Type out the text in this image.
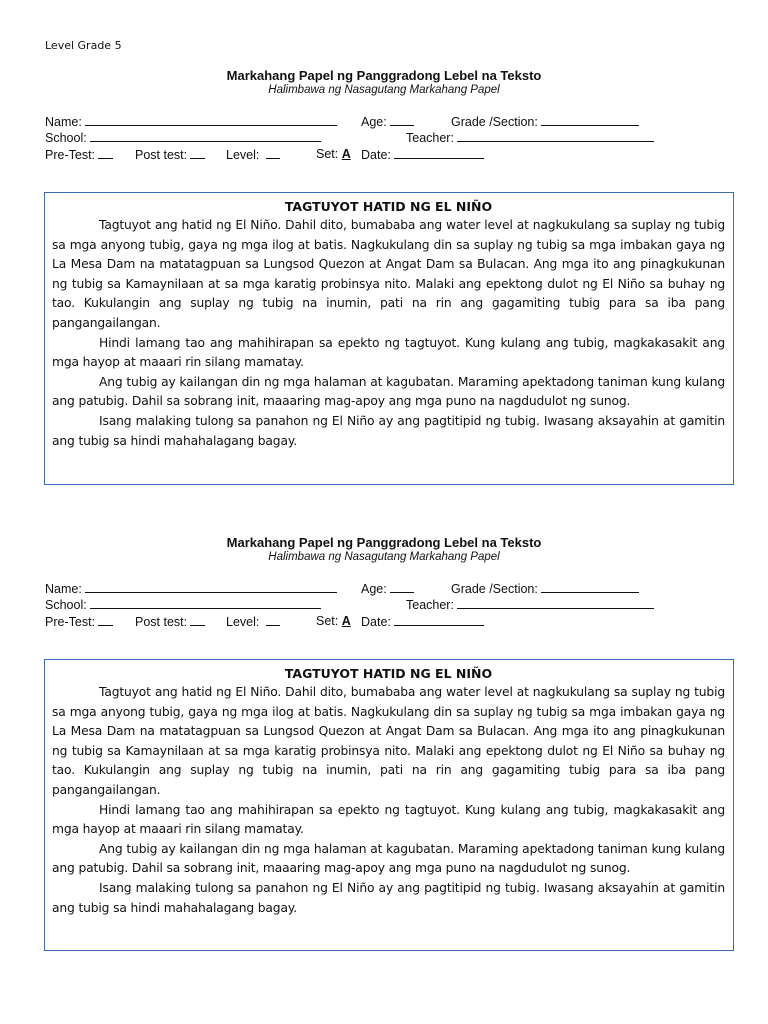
Level Grade 5
Markahang Papel ng Panggradong Lebel na Teksto
Halimbawa ng Nasagutang Markahang Papel
Name:	Age:	Grade /Section:
School:	Teacher:
Pre-Test:	Post test:	Level:	Set: A Date:
TAGTUYOT HATID NG EL NIÑO

Tagtuyot ang hatid ng El Niño. Dahil dito, bumababa ang water level at nagkukulang sa suplay ng tubig sa mga anyong tubig, gaya ng mga ilog at batis. Nagkukulang din sa suplay ng tubig sa mga imbakan gaya ng La Mesa Dam na matatagpuan sa Lungsod Quezon at Angat Dam sa Bulacan. Ang mga ito ang pinagkukunan ng tubig sa Kamaynilaan at sa mga karatig probinsya nito. Malaki ang epektong dulot ng El Niño sa buhay ng tao. Kukulangin ang suplay ng tubig na inumin, pati na rin ang gagamiting tubig para sa iba pang pangangailangan.

Hindi lamang tao ang mahihirapan sa epekto ng tagtuyot. Kung kulang ang tubig, magkakasakit ang mga hayop at maaari rin silang mamatay.

Ang tubig ay kailangan din ng mga halaman at kagubatan. Maraming apektadong taniman kung kulang ang patubig. Dahil sa sobrang init, maaaring mag-apoy ang mga puno na nagdudulot ng sunog.

Isang malaking tulong sa panahon ng El Niño ay ang pagtitipid ng tubig. Iwasang aksayahin at gamitin ang tubig sa hindi mahahalagang bagay.

Markahang Papel ng Panggradong Lebel na Teksto
Halimbawa ng Nasagutang Markahang Papel
Name:	Age:	Grade /Section:
School:	Teacher:
Pre-Test:	Post test:	Level:	Set: A Date:
TAGTUYOT HATID NG EL NIÑO

Tagtuyot ang hatid ng El Niño. Dahil dito, bumababa ang water level at nagkukulang sa suplay ng tubig sa mga anyong tubig, gaya ng mga ilog at batis. Nagkukulang din sa suplay ng tubig sa mga imbakan gaya ng La Mesa Dam na matatagpuan sa Lungsod Quezon at Angat Dam sa Bulacan. Ang mga ito ang pinagkukunan ng tubig sa Kamaynilaan at sa mga karatig probinsya nito. Malaki ang epektong dulot ng El Niño sa buhay ng tao. Kukulangin ang suplay ng tubig na inumin, pati na rin ang gagamiting tubig para sa iba pang pangangailangan.

Hindi lamang tao ang mahihirapan sa epekto ng tagtuyot. Kung kulang ang tubig, magkakasakit ang mga hayop at maaari rin silang mamatay.

Ang tubig ay kailangan din ng mga halaman at kagubatan. Maraming apektadong taniman kung kulang ang patubig. Dahil sa sobrang init, maaaring mag-apoy ang mga puno na nagdudulot ng sunog.

Isang malaking tulong sa panahon ng El Niño ay ang pagtitipid ng tubig. Iwasang aksayahin at gamitin ang tubig sa hindi mahahalagang bagay.
